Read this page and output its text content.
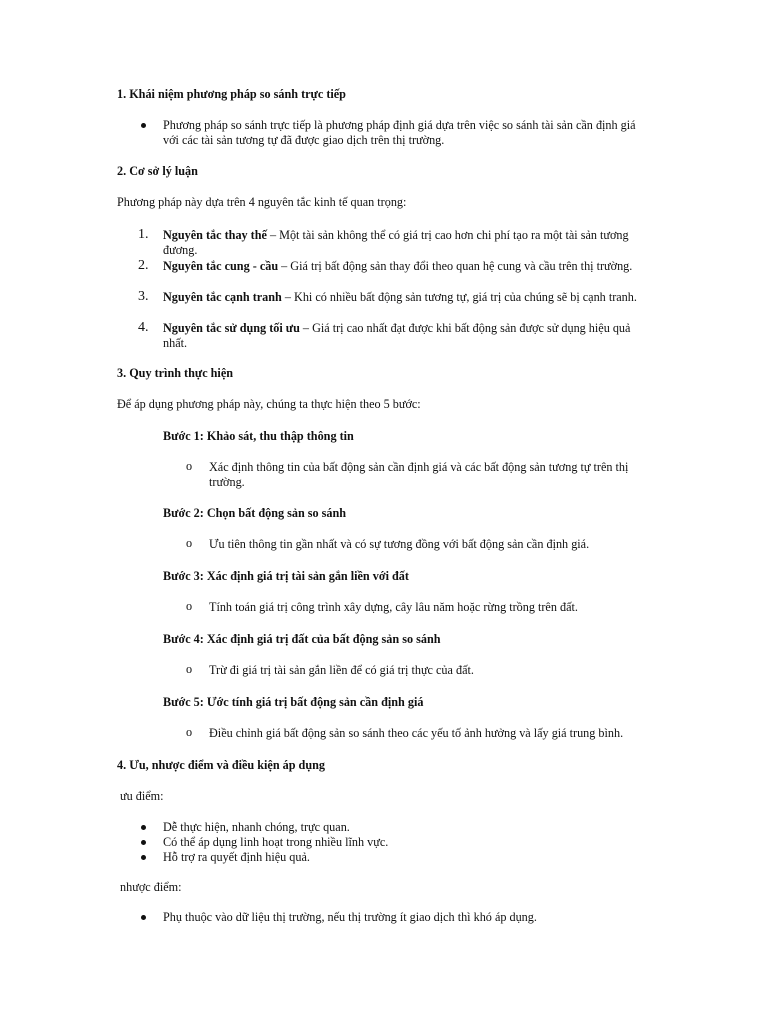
1. Khái niệm phương pháp so sánh trực tiếp
Phương pháp so sánh trực tiếp là phương pháp định giá dựa trên việc so sánh tài sản cần định giá với các tài sản tương tự đã được giao dịch trên thị trường.
2. Cơ sở lý luận
Phương pháp này dựa trên 4 nguyên tắc kinh tế quan trọng:
1.	Nguyên tắc thay thế – Một tài sản không thể có giá trị cao hơn chi phí tạo ra một tài sản tương đương.
2.	Nguyên tắc cung - cầu – Giá trị bất động sản thay đổi theo quan hệ cung và cầu trên thị trường.
3.	Nguyên tắc cạnh tranh – Khi có nhiều bất động sản tương tự, giá trị của chúng sẽ bị cạnh tranh.
4.	Nguyên tắc sử dụng tối ưu – Giá trị cao nhất đạt được khi bất động sản được sử dụng hiệu quả nhất.
3. Quy trình thực hiện
Để áp dụng phương pháp này, chúng ta thực hiện theo 5 bước:
Bước 1: Khảo sát, thu thập thông tin
o Xác định thông tin của bất động sản cần định giá và các bất động sản tương tự trên thị trường.
Bước 2: Chọn bất động sản so sánh
o Ưu tiên thông tin gần nhất và có sự tương đồng với bất động sản cần định giá.
Bước 3: Xác định giá trị tài sản gắn liền với đất
o Tính toán giá trị công trình xây dựng, cây lâu năm hoặc rừng trồng trên đất.
Bước 4: Xác định giá trị đất của bất động sản so sánh
o Trừ đi giá trị tài sản gắn liền để có giá trị thực của đất.
Bước 5: Ước tính giá trị bất động sản cần định giá
o Điều chỉnh giá bất động sản so sánh theo các yếu tố ảnh hưởng và lấy giá trung bình.
4. Ưu, nhược điểm và điều kiện áp dụng
ưu điểm:
Dễ thực hiện, nhanh chóng, trực quan.
Có thể áp dụng linh hoạt trong nhiều lĩnh vực.
Hỗ trợ ra quyết định hiệu quả.
nhược điểm:
Phụ thuộc vào dữ liệu thị trường, nếu thị trường ít giao dịch thì khó áp dụng.
